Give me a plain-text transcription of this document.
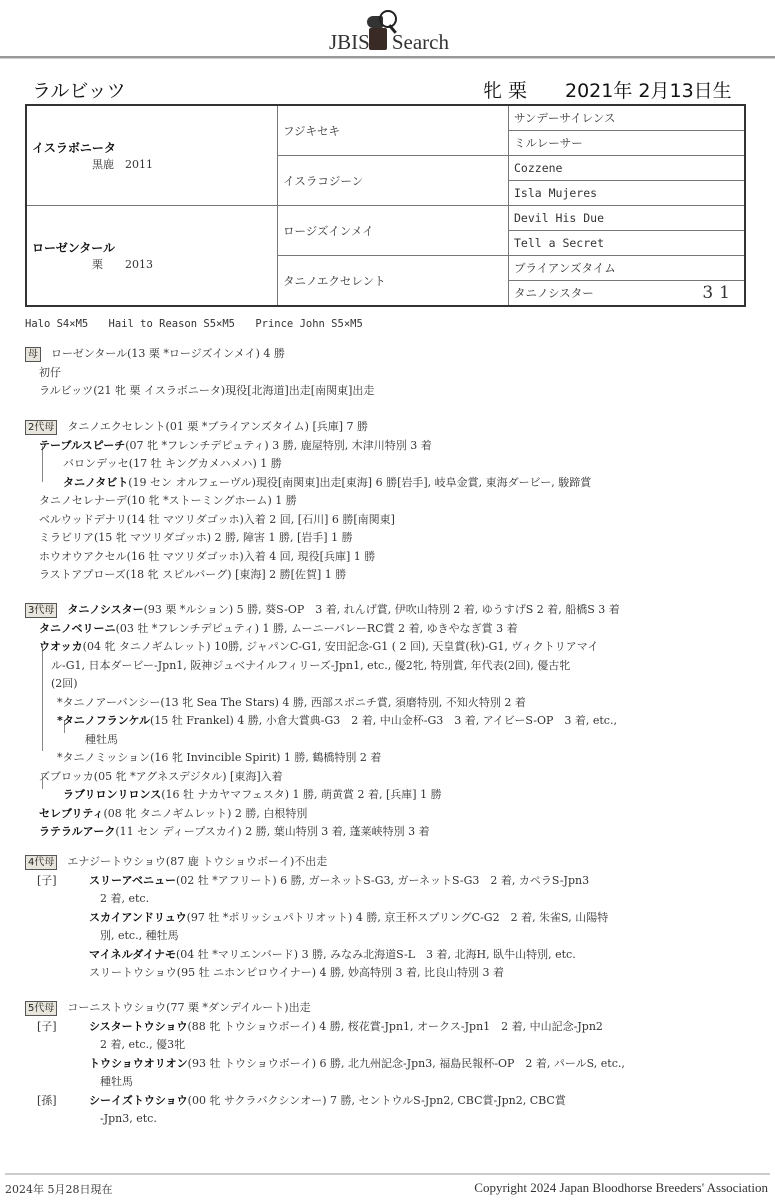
JBIS Search
ラルビッツ	牝 栗 2021年 2月13日生
イスラボニータ
黒鹿　2011	フジキセキ	サンデーサイレンス
		ミルレーサー
	イスラコジーン	Cozzene
		Isla Mujeres

ローゼンタール
栗　　2013	ロージズインメイ	Devil His Due
		Tell a Secret
	タニノエクセレント	ブライアンズタイム
		タニノシスター 31
Halo S4×M5 Hail to Reason S5×M5 Prince John S5×M5
母 ローゼンタール(13 栗 *ロージズインメイ) 4 勝
初仔
ラルビッツ(21 牝 栗 イスラボニータ)現役[北海道]出走[南関東]出走
2代母 タニノエクセレント(01 栗 *ブライアンズタイム) [兵庫] 7 勝
テーブルスピーチ(07 牝 *フレンチデピュティ) 3 勝, 鹿屋特別, 木津川特別 3 着
バロンデッセ(17 牡 キングカメハメハ) 1 勝
タニノタビト(19 セン オルフェーヴル)現役[南関東]出走[東海] 6 勝[岩手], 岐阜金賞, 東海ダービー, 駿蹄賞
タニノセレナーデ(10 牝 *ストーミングホーム) 1 勝
ベルウッドデナリ(14 牡 マツリダゴッホ)入着 2 回, [石川] 6 勝[南関東]
ミラビリア(15 牝 マツリダゴッホ) 2 勝, 障害 1 勝, [岩手] 1 勝
ホウオウアクセル(16 牡 マツリダゴッホ)入着 4 回, 現役[兵庫] 1 勝
ラストアプローズ(18 牝 スピルバーグ) [東海] 2 勝[佐賀] 1 勝
3代母 タニノシスター(93 栗 *ルション) 5 勝, 葵S-OP　3 着, れんげ賞, 伊吹山特別 2 着, ゆうすげS 2 着, 船橋S 3 着
タニノベリーニ(03 牡 *フレンチデピュティ) 1 勝, ムーニーバレーRC賞 2 着, ゆきやなぎ賞 3 着
ウオッカ(04 牝 タニノギムレット) 10勝, ジャパンC-G1, 安田記念-G1 ( 2 回), 天皇賞(秋)-G1, ヴィクトリアマイ
ル-G1, 日本ダービー-Jpn1, 阪神ジュベナイルフィリーズ-Jpn1, etc., 優2牝, 特別賞, 年代表(2回), 優古牝
(2回)
*タニノアーバンシー(13 牝 Sea The Stars) 4 勝, 西部スポニチ賞, 須磨特別, 不知火特別 2 着
*タニノフランケル(15 牡 Frankel) 4 勝, 小倉大賞典-G3　2 着, 中山金杯-G3　3 着, アイビーS-OP　3 着, etc.,
種牡馬
*タニノミッション(16 牝 Invincible Spirit) 1 勝, 鶴橋特別 2 着
ズブロッカ(05 牝 *アグネスデジタル) [東海]入着
ラブリロンリロンス(16 牡 ナカヤマフェスタ) 1 勝, 萌黄賞 2 着, [兵庫] 1 勝
セレブリティ(08 牝 タニノギムレット) 2 勝, 白根特別
ラテラルアーク(11 セン ディープスカイ) 2 勝, 葉山特別 3 着, 蓬莱峡特別 3 着
4代母 エナジートウショウ(87 鹿 トウショウボーイ)不出走
[子]	スリーアベニュー(02 牡 *アフリート) 6 勝, ガーネットS-G3, ガーネットS-G3　2 着, カペラS-Jpn3
2 着, etc.
スカイアンドリュウ(97 牡 *ポリッシュパトリオット) 4 勝, 京王杯スプリングC-G2　2 着, 朱雀S, 山陽特
別, etc., 種牡馬
マイネルダイナモ(04 牡 *マリエンバード) 3 勝, みなみ北海道S-L　3 着, 北海H, 臥牛山特別, etc.
スリートウショウ(95 牡 ニホンピロウイナー) 4 勝, 妙高特別 3 着, 比良山特別 3 着
5代母 コーニストウショウ(77 栗 *ダンデイルート)出走
[子]	シスタートウショウ(88 牝 トウショウボーイ) 4 勝, 桜花賞-Jpn1, オークス-Jpn1　2 着, 中山記念-Jpn2
2 着, etc., 優3牝
トウショウオリオン(93 牡 トウショウボーイ) 6 勝, 北九州記念-Jpn3, 福島民報杯-OP　2 着, パールS, etc.,
種牡馬
[孫]	シーイズトウショウ(00 牝 サクラバクシンオー) 7 勝, セントウルS-Jpn2, CBC賞-Jpn2, CBC賞
-Jpn3, etc.
2024年 5月28日現在	Copyright 2024 Japan Bloodhorse Breeders' Association
